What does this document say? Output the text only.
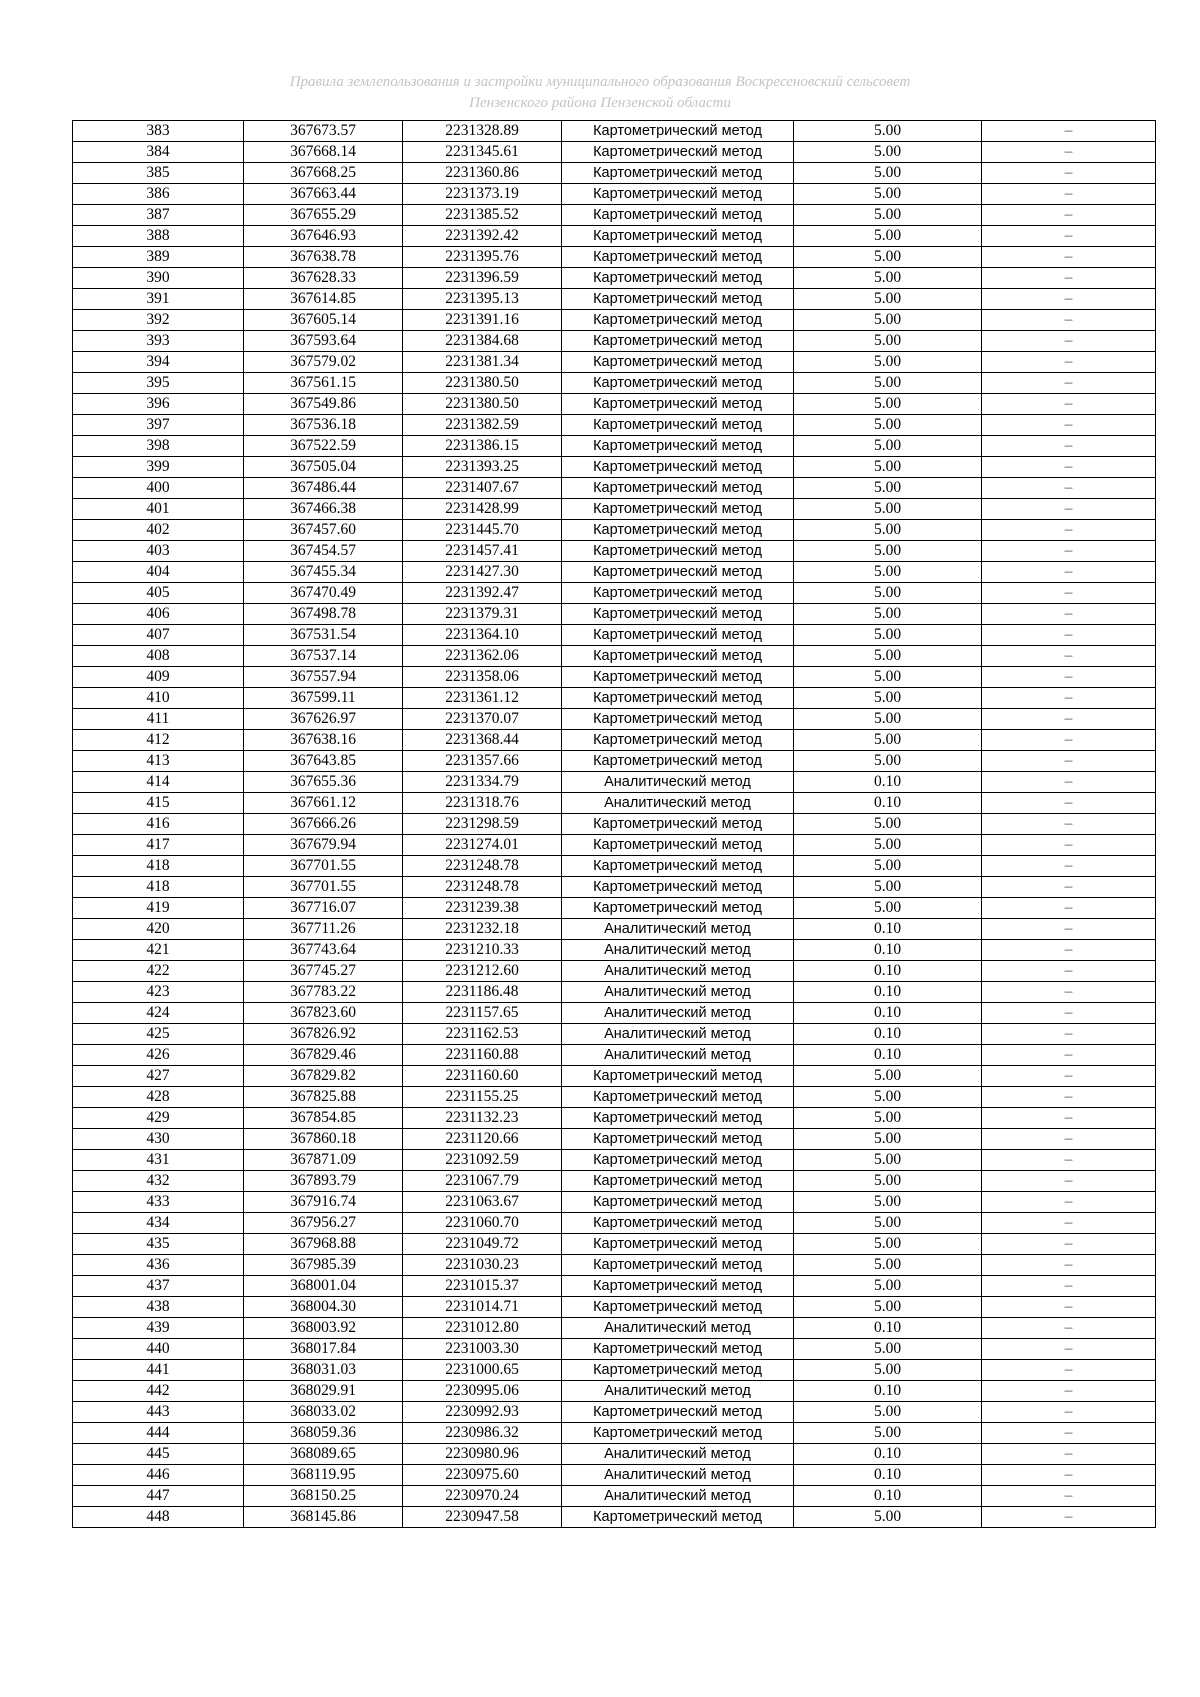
Правила землепользования и застройки муниципального образования Воскресеновский сельсовет
Пензенского района Пензенской области
383	367673.57	2231328.89	Картометрический метод	5.00	–
384	367668.14	2231345.61	Картометрический метод	5.00	–
385	367668.25	2231360.86	Картометрический метод	5.00	–
386	367663.44	2231373.19	Картометрический метод	5.00	–
387	367655.29	2231385.52	Картометрический метод	5.00	–
388	367646.93	2231392.42	Картометрический метод	5.00	–
389	367638.78	2231395.76	Картометрический метод	5.00	–
390	367628.33	2231396.59	Картометрический метод	5.00	–
391	367614.85	2231395.13	Картометрический метод	5.00	–
392	367605.14	2231391.16	Картометрический метод	5.00	–
393	367593.64	2231384.68	Картометрический метод	5.00	–
394	367579.02	2231381.34	Картометрический метод	5.00	–
395	367561.15	2231380.50	Картометрический метод	5.00	–
396	367549.86	2231380.50	Картометрический метод	5.00	–
397	367536.18	2231382.59	Картометрический метод	5.00	–
398	367522.59	2231386.15	Картометрический метод	5.00	–
399	367505.04	2231393.25	Картометрический метод	5.00	–
400	367486.44	2231407.67	Картометрический метод	5.00	–
401	367466.38	2231428.99	Картометрический метод	5.00	–
402	367457.60	2231445.70	Картометрический метод	5.00	–
403	367454.57	2231457.41	Картометрический метод	5.00	–
404	367455.34	2231427.30	Картометрический метод	5.00	–
405	367470.49	2231392.47	Картометрический метод	5.00	–
406	367498.78	2231379.31	Картометрический метод	5.00	–
407	367531.54	2231364.10	Картометрический метод	5.00	–
408	367537.14	2231362.06	Картометрический метод	5.00	–
409	367557.94	2231358.06	Картометрический метод	5.00	–
410	367599.11	2231361.12	Картометрический метод	5.00	–
411	367626.97	2231370.07	Картометрический метод	5.00	–
412	367638.16	2231368.44	Картометрический метод	5.00	–
413	367643.85	2231357.66	Картометрический метод	5.00	–
414	367655.36	2231334.79	Аналитический метод	0.10	–
415	367661.12	2231318.76	Аналитический метод	0.10	–
416	367666.26	2231298.59	Картометрический метод	5.00	–
417	367679.94	2231274.01	Картометрический метод	5.00	–
418	367701.55	2231248.78	Картометрический метод	5.00	–
418	367701.55	2231248.78	Картометрический метод	5.00	–
419	367716.07	2231239.38	Картометрический метод	5.00	–
420	367711.26	2231232.18	Аналитический метод	0.10	–
421	367743.64	2231210.33	Аналитический метод	0.10	–
422	367745.27	2231212.60	Аналитический метод	0.10	–
423	367783.22	2231186.48	Аналитический метод	0.10	–
424	367823.60	2231157.65	Аналитический метод	0.10	–
425	367826.92	2231162.53	Аналитический метод	0.10	–
426	367829.46	2231160.88	Аналитический метод	0.10	–
427	367829.82	2231160.60	Картометрический метод	5.00	–
428	367825.88	2231155.25	Картометрический метод	5.00	–
429	367854.85	2231132.23	Картометрический метод	5.00	–
430	367860.18	2231120.66	Картометрический метод	5.00	–
431	367871.09	2231092.59	Картометрический метод	5.00	–
432	367893.79	2231067.79	Картометрический метод	5.00	–
433	367916.74	2231063.67	Картометрический метод	5.00	–
434	367956.27	2231060.70	Картометрический метод	5.00	–
435	367968.88	2231049.72	Картометрический метод	5.00	–
436	367985.39	2231030.23	Картометрический метод	5.00	–
437	368001.04	2231015.37	Картометрический метод	5.00	–
438	368004.30	2231014.71	Картометрический метод	5.00	–
439	368003.92	2231012.80	Аналитический метод	0.10	–
440	368017.84	2231003.30	Картометрический метод	5.00	–
441	368031.03	2231000.65	Картометрический метод	5.00	–
442	368029.91	2230995.06	Аналитический метод	0.10	–
443	368033.02	2230992.93	Картометрический метод	5.00	–
444	368059.36	2230986.32	Картометрический метод	5.00	–
445	368089.65	2230980.96	Аналитический метод	0.10	–
446	368119.95	2230975.60	Аналитический метод	0.10	–
447	368150.25	2230970.24	Аналитический метод	0.10	–
448	368145.86	2230947.58	Картометрический метод	5.00	–
